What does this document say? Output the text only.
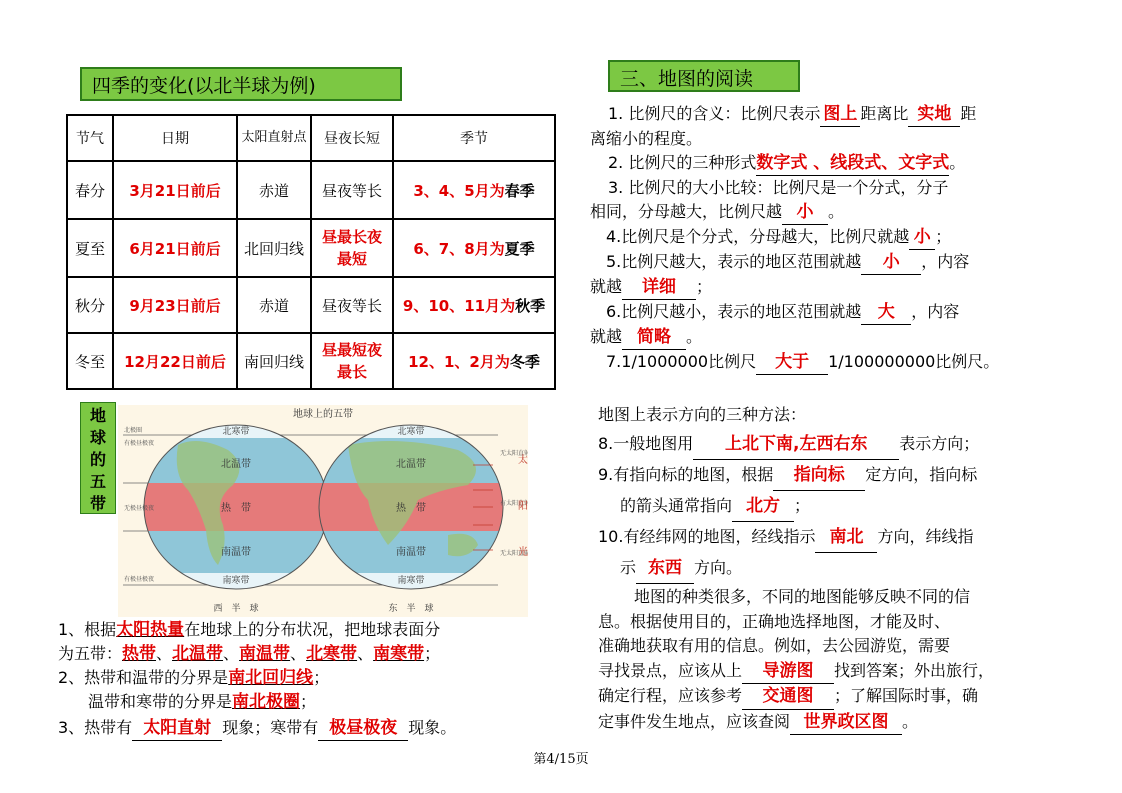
四季的变化(以北半球为例)
节气	日期	太阳直射点	昼夜长短	季节
春分	3月21日前后	赤道	昼夜等长	3、4、5月为春季
夏至	6月21日前后	北回归线	昼最长夜最短	6、7、8月为夏季
秋分	9月23日前后	赤道	昼夜等长	9、10、11月为秋季
冬至	12月22日前后	南回归线	昼最短夜最长	12、1、2月为冬季
地
球
的
五
带
地球上的五带
北寒带
北温带
热　带
南温带
南寒带
北寒带
北温带
热　带
南温带
南寒带
北极圈
有极昼极夜
无极昼极夜
有极昼极夜
无太阳直射
有太阳直射
无太阳直射
太
阳
光
西　半　球	东　半　球
1、根据太阳热量在地球上的分布状况，把地球表面分
为五带：热带、北温带、南温带、北寒带、南寒带；
2、热带和温带的分界是南北回归线；
温带和寒带的分界是南北极圈；
3、热带有 太阳直射 现象；寒带有 极昼极夜 现象。
三、地图的阅读
1. 比例尺的含义：比例尺表示 图上 距离比 实地 距
离缩小的程度。
2. 比例尺的三种形式数字式 、线段式、文字式。
3. 比例尺的大小比较：比例尺是一个分式，分子
相同，分母越大，比例尺越 小 。
4.比例尺是个分式，分母越大，比例尺就越 小 ；
5.比例尺越大，表示的地区范围就越 小 ，内容
就越 详细 ；
6.比例尺越小，表示的地区范围就越 大 ，内容
就越 简略 。
7.1/1000000比例尺 大于 1/100000000比例尺。
地图上表示方向的三种方法：
8.一般地图用 上北下南,左西右东 表示方向；
9.有指向标的地图，根据 指向标 定方向，指向标
的箭头通常指向 北方 ；
10.有经纬网的地图，经线指示 南北 方向，纬线指
示 东西 方向。
地图的种类很多，不同的地图能够反映不同的信
息。根据使用目的，正确地选择地图，才能及时、
准确地获取有用的信息。例如，去公园游览，需要
寻找景点，应该从上 导游图 找到答案；外出旅行，
确定行程，应该参考 交通图 ；了解国际时事，确
定事件发生地点，应该查阅 世界政区图 。
第4/15页
